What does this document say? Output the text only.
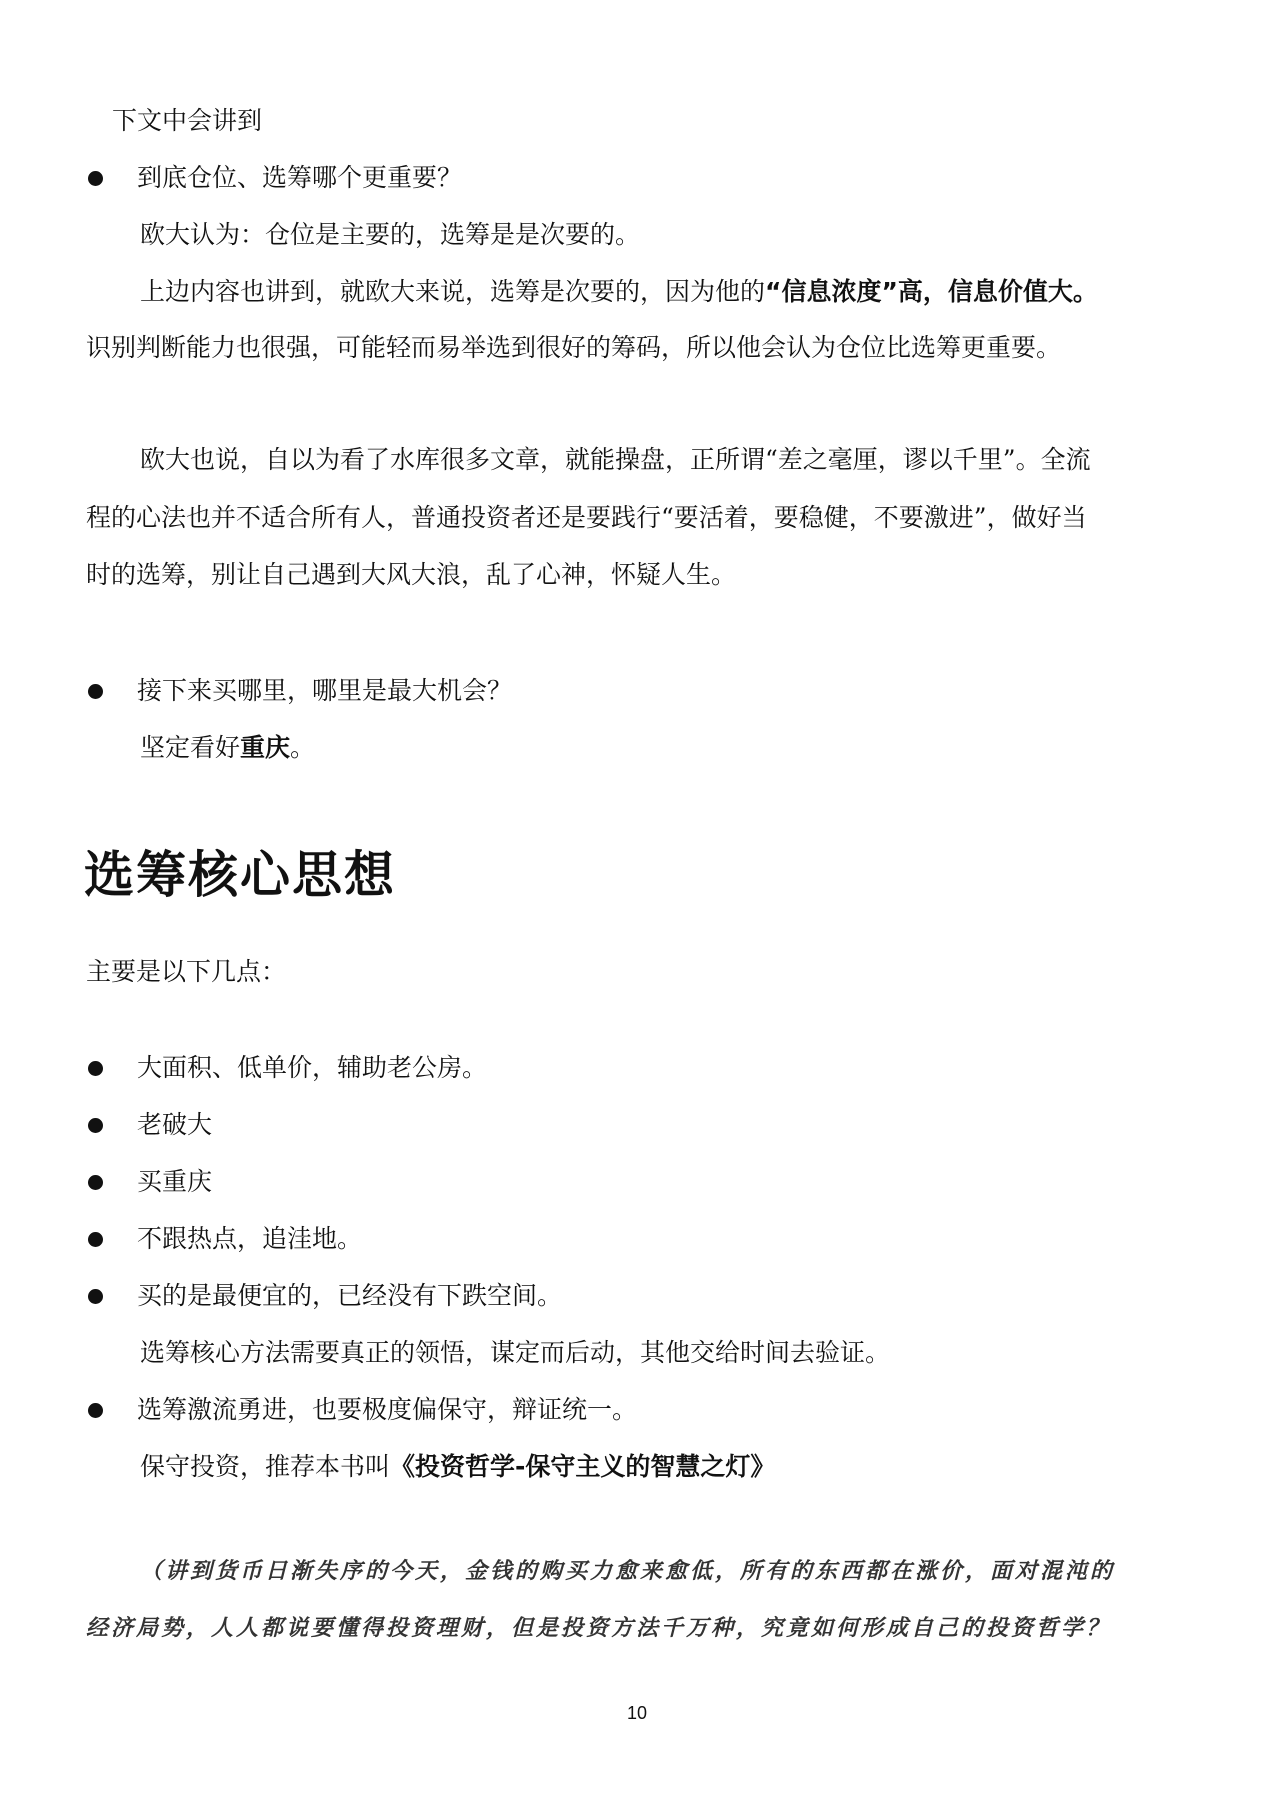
下文中会讲到
到底仓位、选筹哪个更重要？
欧大认为：仓位是主要的，选筹是是次要的。
上边内容也讲到，就欧大来说，选筹是次要的，因为他的“信息浓度”高，信息价值大。
识别判断能力也很强，可能轻而易举选到很好的筹码，所以他会认为仓位比选筹更重要。
欧大也说，自以为看了水库很多文章，就能操盘，正所谓“差之毫厘，谬以千里”。全流
程的心法也并不适合所有人，普通投资者还是要践行“要活着，要稳健，不要激进”，做好当
时的选筹，别让自己遇到大风大浪，乱了心神，怀疑人生。
接下来买哪里，哪里是最大机会？
坚定看好重庆。
选筹核心思想
主要是以下几点：
大面积、低单价，辅助老公房。
老破大
买重庆
不跟热点，追洼地。
买的是最便宜的，已经没有下跌空间。
选筹核心方法需要真正的领悟，谋定而后动，其他交给时间去验证。
选筹激流勇进，也要极度偏保守，辩证统一。
保守投资，推荐本书叫《投资哲学-保守主义的智慧之灯》
（讲到货币日渐失序的今天，金钱的购买力愈来愈低，所有的东西都在涨价，面对混沌的
经济局势，人人都说要懂得投资理财，但是投资方法千万种，究竟如何形成自己的投资哲学？
10
